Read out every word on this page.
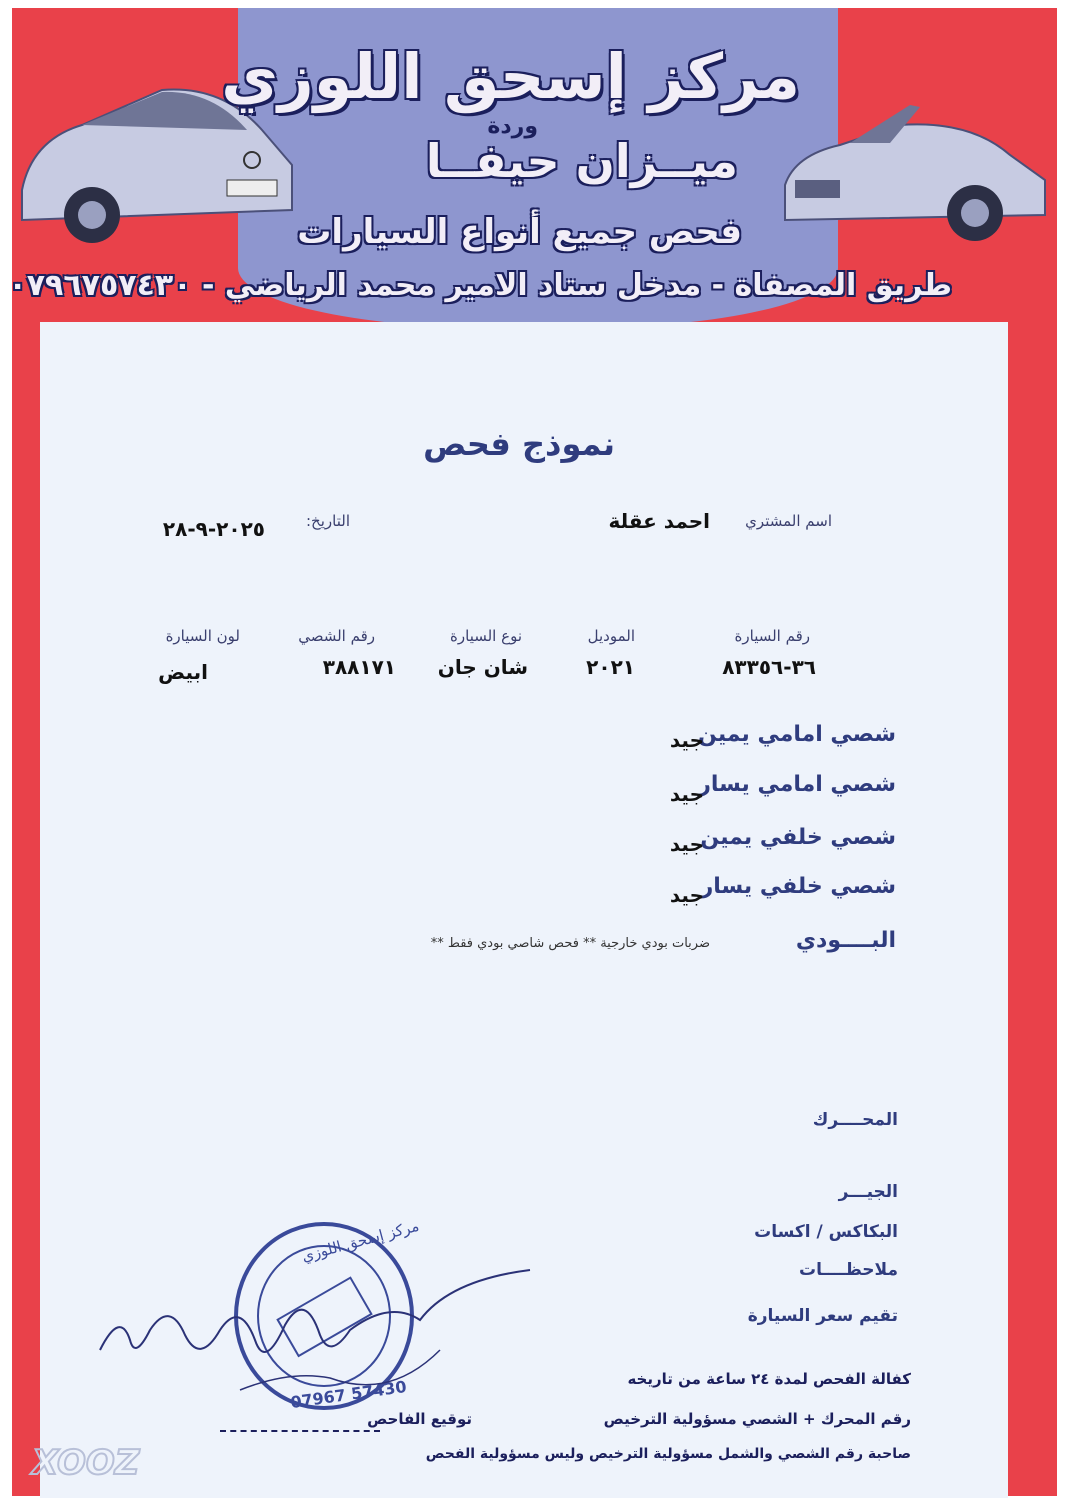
مركز إسحق اللوزي
وردة
ميــزان حيفــا
فحص جميع أنواع السيارات
طريق المصفاة - مدخل ستاد الامير محمد الرياضي - ٠٧٩٦٧٥٧٤٣٠
نموذج فحص
اسم المشتري
احمد عقلة
التاريخ:
٢٠٢٥-٩-٢٨
رقم السيارة
٣٦-٨٣٣٥٦
الموديل
٢٠٢١
نوع السيارة
شان جان
رقم الشصي
٣٨٨١٧١
لون السيارة
ابيض
شصي امامي يمين
جيد
شصي امامي يسار
جيد
شصي خلفي يمين
جيد
شصي خلفي يسار
جيد
البــــودي
ضربات بودي خارجية ** فحص شاصي بودي فقط **
المحــــرك
الجيـــر
البكاكس / اكسات
ملاحظــــات
تقيم سعر السيارة
مركز إسحق اللوزي
07967 57430	كفالة الفحص لمدة ٢٤ ساعة من تاريخه
رقم المحرك + الشصي مسؤولية الترخيص
صاحبة رقم الشصي والشمل مسؤولية الترخيص وليس مسؤولية الفحص
توقيع الفاحص
XOOZ
